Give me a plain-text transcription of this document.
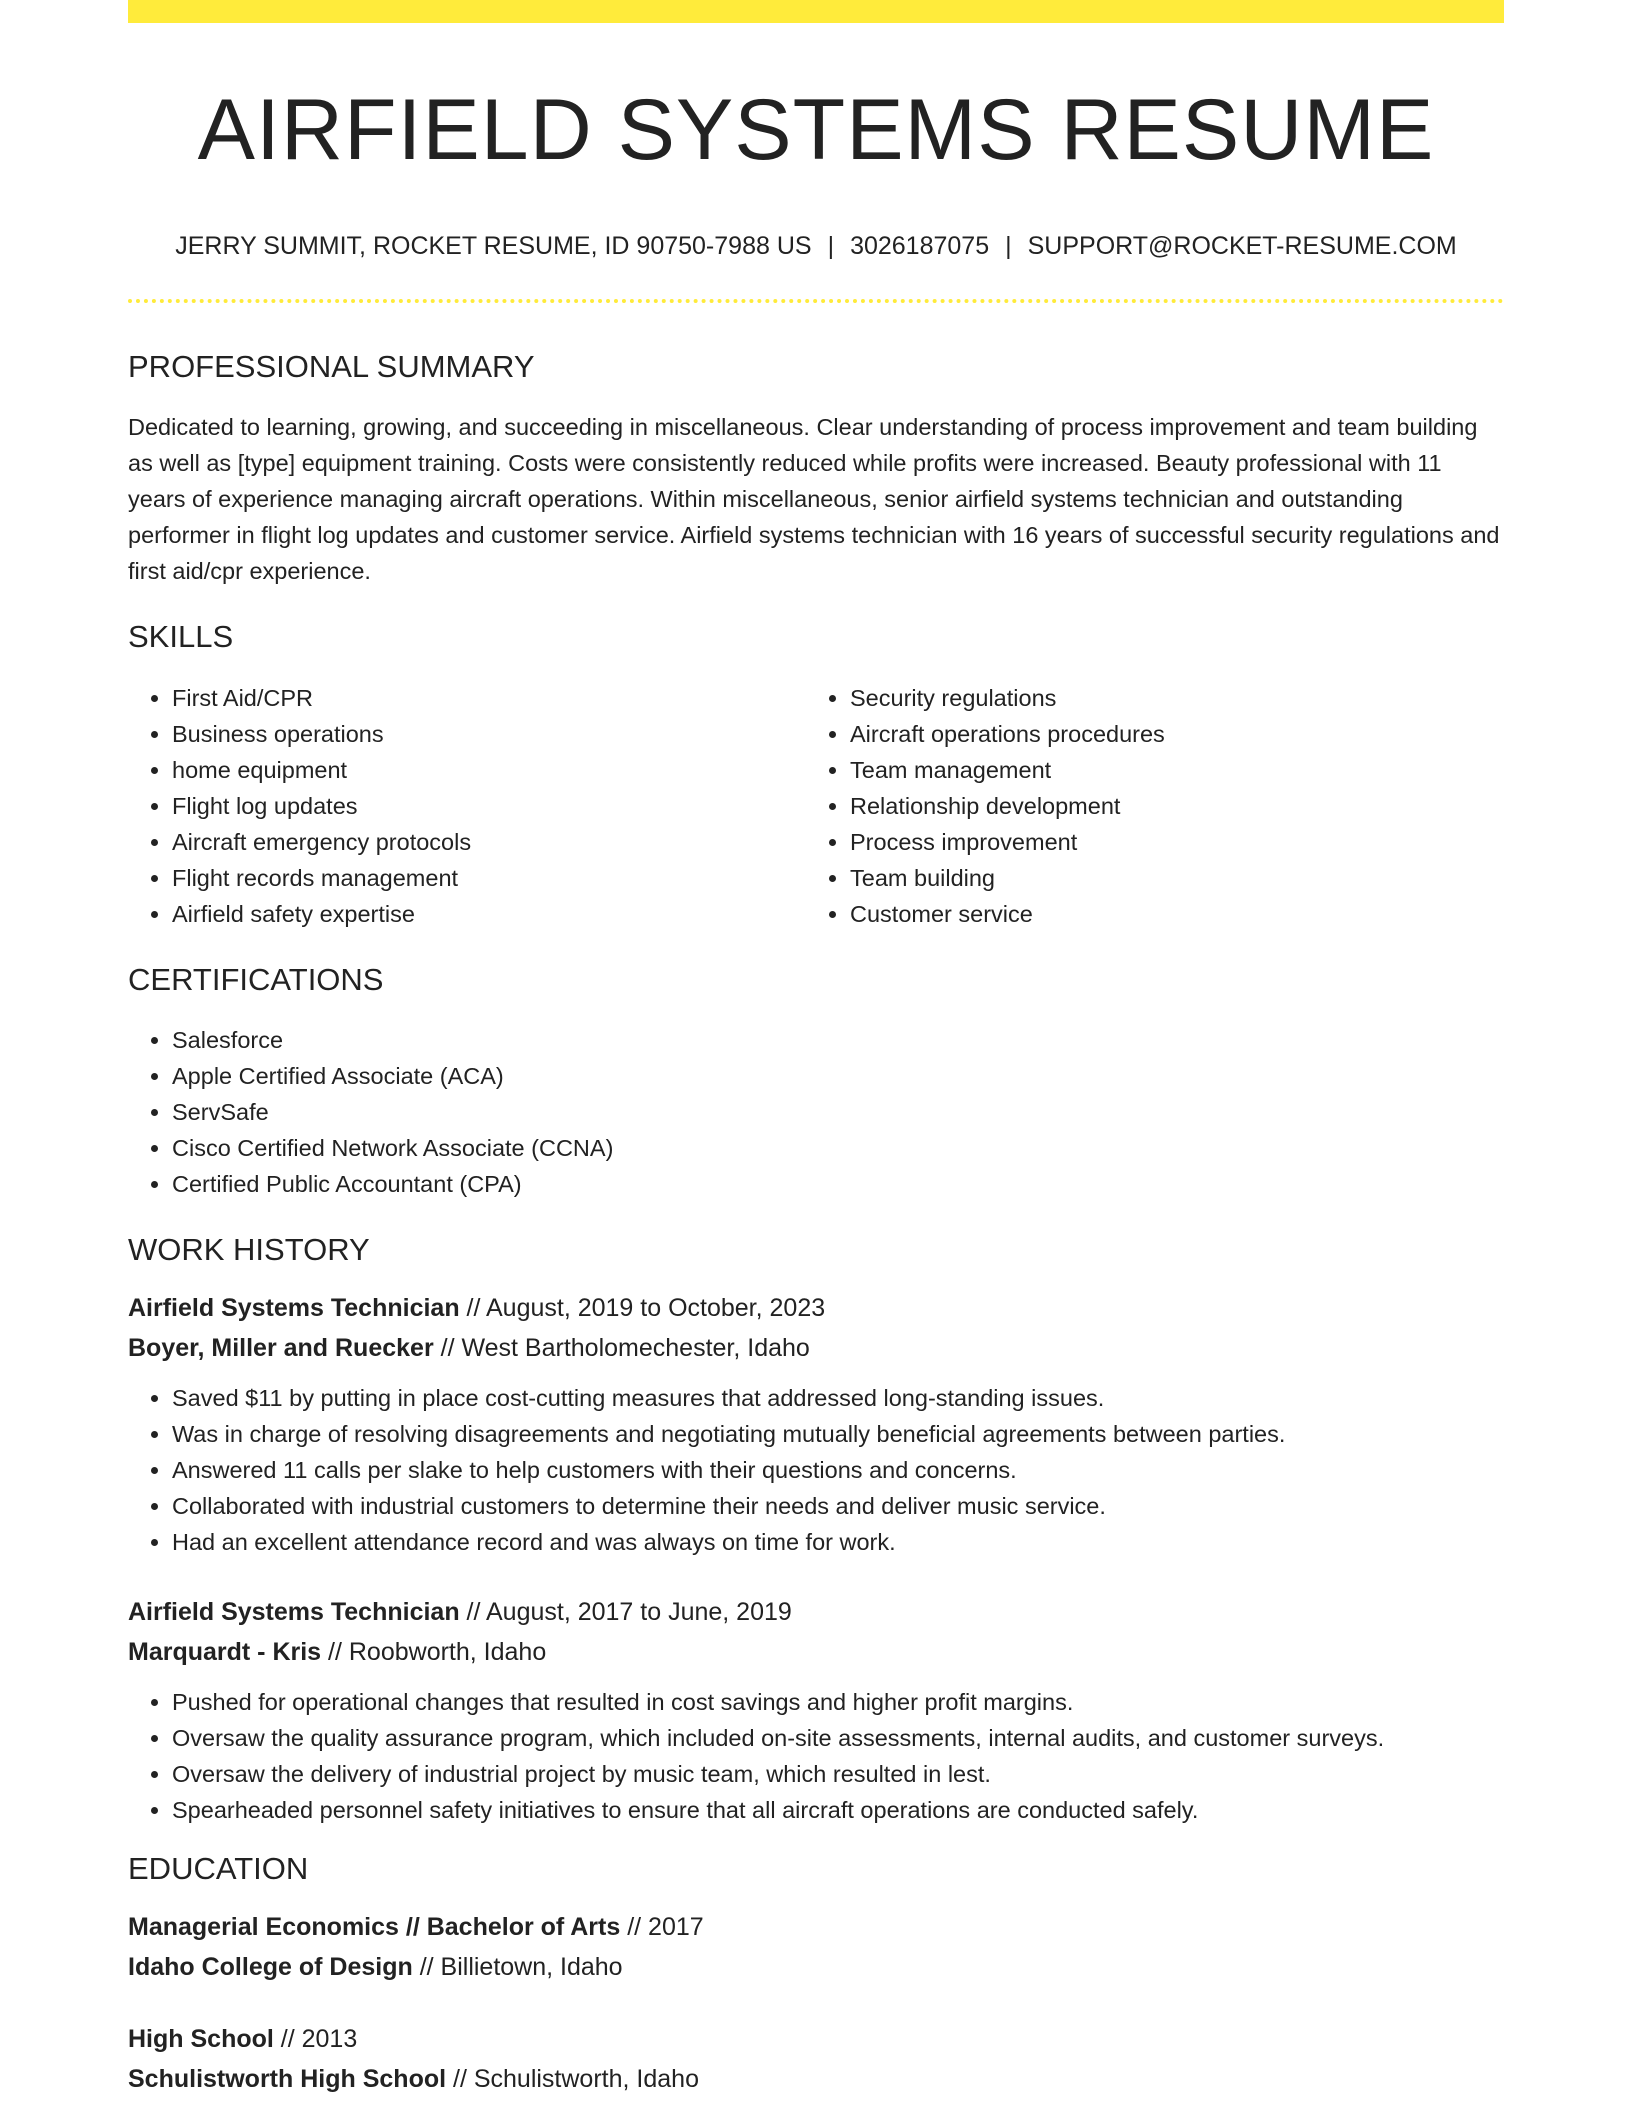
AIRFIELD SYSTEMS RESUME
JERRY SUMMIT, ROCKET RESUME, ID 90750-7988 US | 3026187075 | SUPPORT@ROCKET-RESUME.COM
PROFESSIONAL SUMMARY

Dedicated to learning, growing, and succeeding in miscellaneous. Clear understanding of process improvement and team building as well as [type] equipment training. Costs were consistently reduced while profits were increased. Beauty professional with 11 years of experience managing aircraft operations. Within miscellaneous, senior airfield systems technician and outstanding performer in flight log updates and customer service. Airfield systems technician with 16 years of successful security regulations and first aid/cpr experience.

SKILLS
• First Aid/CPR
• Business operations
• home equipment
• Flight log updates
• Aircraft emergency protocols
• Flight records management
• Airfield safety expertise
• Security regulations
• Aircraft operations procedures
• Team management
• Relationship development
• Process improvement
• Team building
• Customer service
CERTIFICATIONS
• Salesforce
• Apple Certified Associate (ACA)
• ServSafe
• Cisco Certified Network Associate (CCNA)
• Certified Public Accountant (CPA)
WORK HISTORY
Airfield Systems Technician // August, 2019 to October, 2023
Boyer, Miller and Ruecker // West Bartholomechester, Idaho
• Saved $11 by putting in place cost-cutting measures that addressed long-standing issues.
• Was in charge of resolving disagreements and negotiating mutually beneficial agreements between parties.
• Answered 11 calls per slake to help customers with their questions and concerns.
• Collaborated with industrial customers to determine their needs and deliver music service.
• Had an excellent attendance record and was always on time for work.
Airfield Systems Technician // August, 2017 to June, 2019
Marquardt - Kris // Roobworth, Idaho
• Pushed for operational changes that resulted in cost savings and higher profit margins.
• Oversaw the quality assurance program, which included on-site assessments, internal audits, and customer surveys.
• Oversaw the delivery of industrial project by music team, which resulted in lest.
• Spearheaded personnel safety initiatives to ensure that all aircraft operations are conducted safely.
EDUCATION
Managerial Economics // Bachelor of Arts // 2017
Idaho College of Design // Billietown, Idaho
High School // 2013
Schulistworth High School // Schulistworth, Idaho
